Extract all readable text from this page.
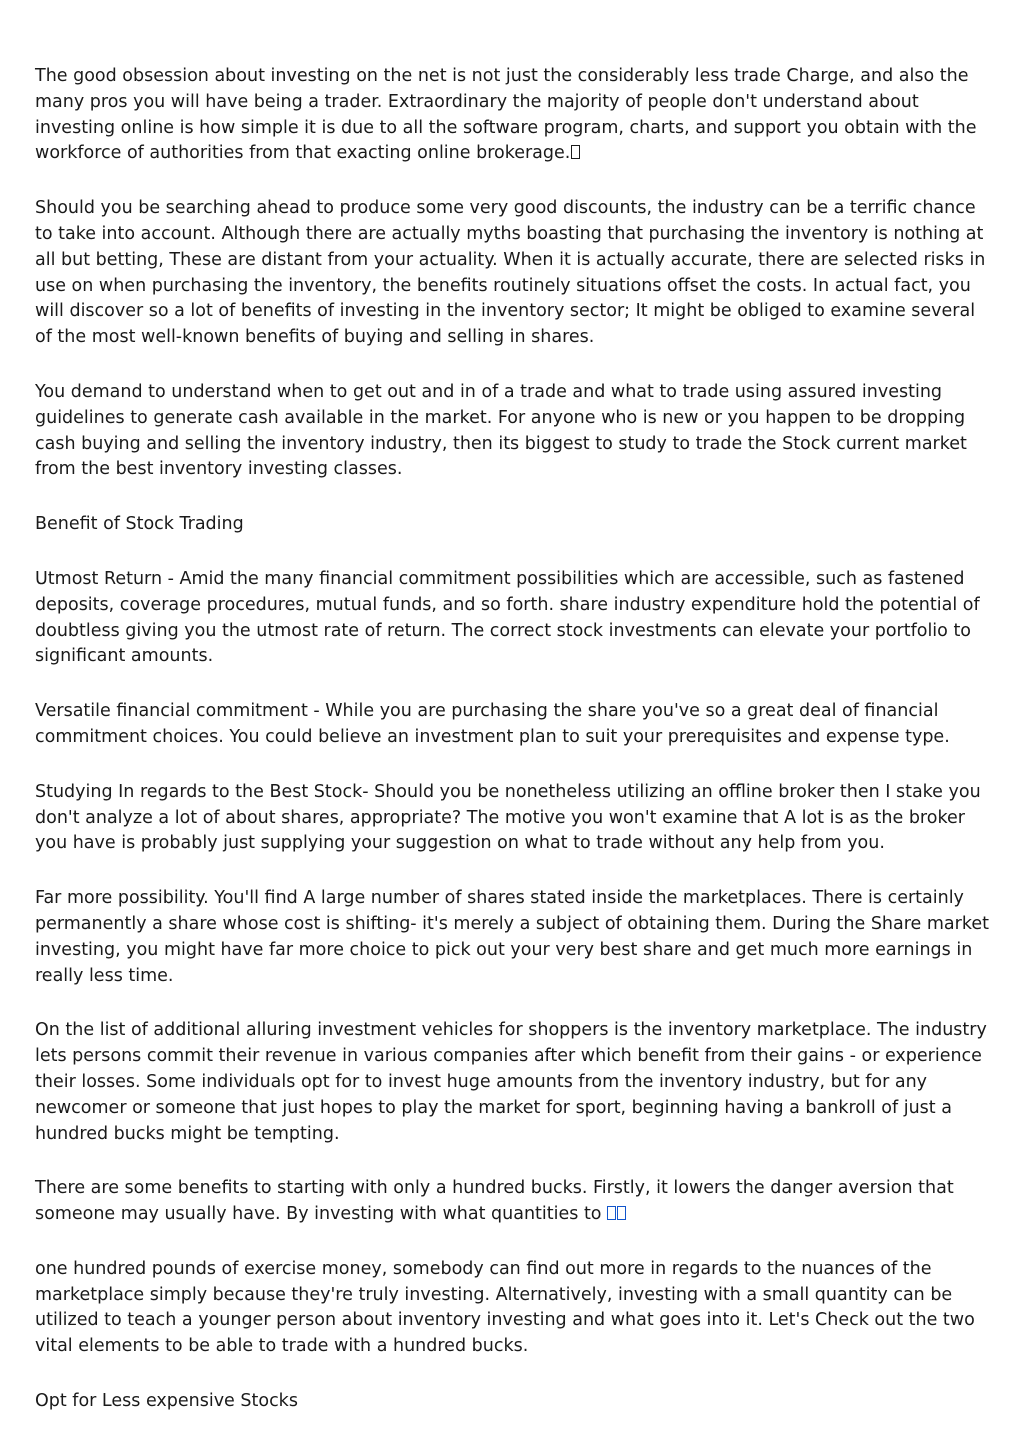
The good obsession about investing on the net is not just the considerably less trade Charge, and also the many pros you will have being a trader. Extraordinary the majority of people don't understand about investing online is how simple it is due to all the software program, charts, and support you obtain with the workforce of authorities from that exacting online brokerage.

Should you be searching ahead to produce some very good discounts, the industry can be a terrific chance to take into account. Although there are actually myths boasting that purchasing the inventory is nothing at all but betting, These are distant from your actuality. When it is actually accurate, there are selected risks in use on when purchasing the inventory, the benefits routinely situations offset the costs. In actual fact, you will discover so a lot of benefits of investing in the inventory sector; It might be obliged to examine several of the most well-known benefits of buying and selling in shares.

You demand to understand when to get out and in of a trade and what to trade using assured investing guidelines to generate cash available in the market. For anyone who is new or you happen to be dropping cash buying and selling the inventory industry, then its biggest to study to trade the Stock current market from the best inventory investing classes.

Benefit of Stock Trading

Utmost Return - Amid the many financial commitment possibilities which are accessible, such as fastened deposits, coverage procedures, mutual funds, and so forth. share industry expenditure hold the potential of doubtless giving you the utmost rate of return. The correct stock investments can elevate your portfolio to significant amounts.

Versatile financial commitment - While you are purchasing the share you've so a great deal of financial commitment choices. You could believe an investment plan to suit your prerequisites and expense type.

Studying In regards to the Best Stock- Should you be nonetheless utilizing an offline broker then I stake you don't analyze a lot of about shares, appropriate? The motive you won't examine that A lot is as the broker you have is probably just supplying your suggestion on what to trade without any help from you.

Far more possibility. You'll find A large number of shares stated inside the marketplaces. There is certainly permanently a share whose cost is shifting- it's merely a subject of obtaining them. During the Share market investing, you might have far more choice to pick out your very best share and get much more earnings in really less time.

On the list of additional alluring investment vehicles for shoppers is the inventory marketplace. The industry lets persons commit their revenue in various companies after which benefit from their gains - or experience their losses. Some individuals opt for to invest huge amounts from the inventory industry, but for any newcomer or someone that just hopes to play the market for sport, beginning having a bankroll of just a hundred bucks might be tempting.

There are some benefits to starting with only a hundred bucks. Firstly, it lowers the danger aversion that someone may usually have. By investing with what quantities to

one hundred pounds of exercise money, somebody can find out more in regards to the nuances of the marketplace simply because they're truly investing. Alternatively, investing with a small quantity can be utilized to teach a younger person about inventory investing and what goes into it. Let's Check out the two vital elements to be able to trade with a hundred bucks.

Opt for Less expensive Stocks
